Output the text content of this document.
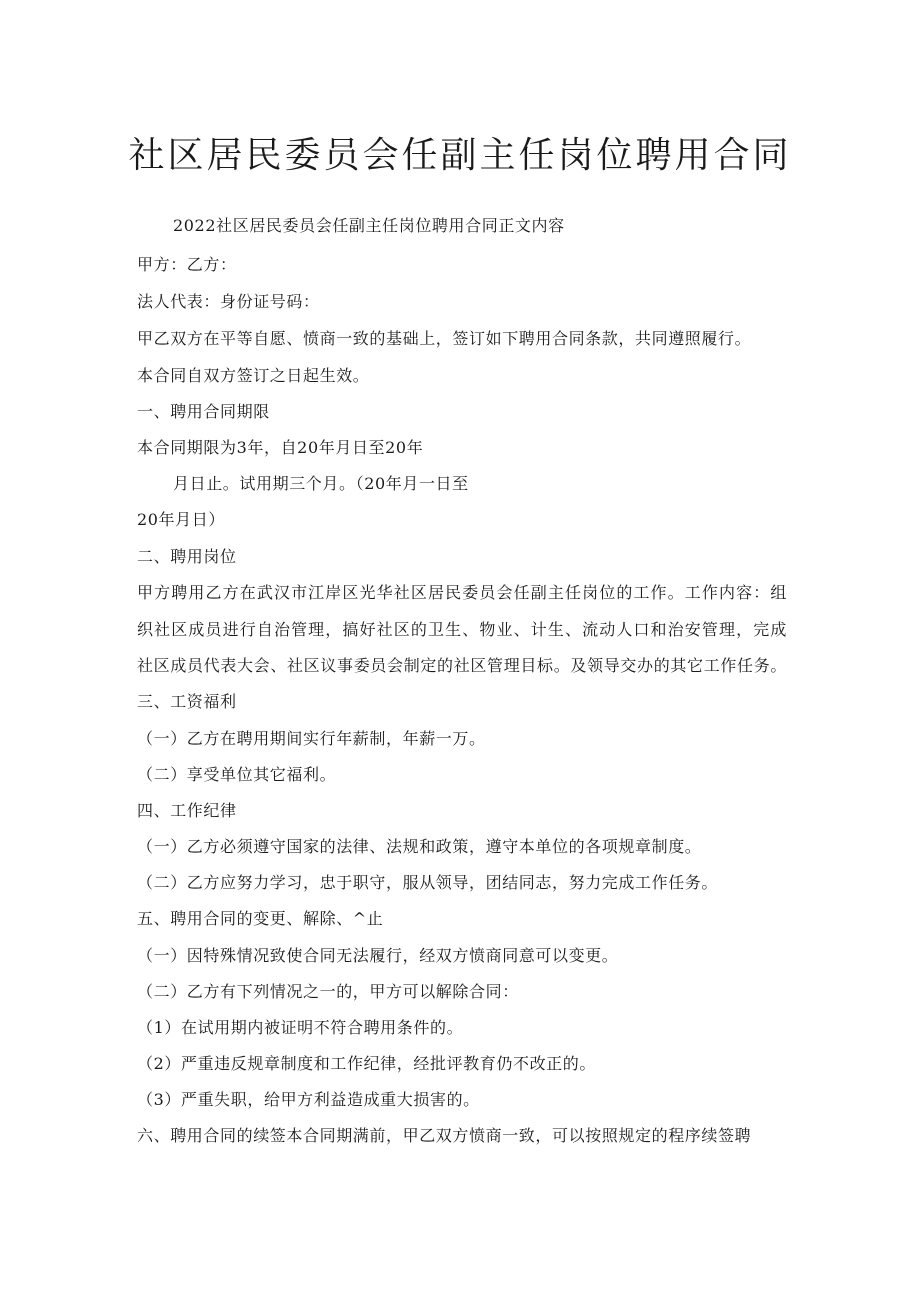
社区居民委员会任副主任岗位聘用合同
2022社区居民委员会任副主任岗位聘用合同正文内容
甲方：乙方：
法人代表：身份证号码：
甲乙双方在平等自愿、愤商一致的基础上，签订如下聘用合同条款，共同遵照履行。
本合同自双方签订之日起生效。
一、聘用合同期限
本合同期限为3年，自20年月日至20年
月日止。试用期三个月。（20年月一日至
20年月日）
二、聘用岗位
甲方聘用乙方在武汉市江岸区光华社区居民委员会任副主任岗位的工作。工作内容：组
织社区成员进行自治管理，搞好社区的卫生、物业、计生、流动人口和治安管理，完成
社区成员代表大会、社区议事委员会制定的社区管理目标。及领导交办的其它工作任务。
三、工资福利
（一）乙方在聘用期间实行年薪制，年薪一万。
（二）享受单位其它福利。
四、工作纪律
（一）乙方必须遵守国家的法律、法规和政策，遵守本单位的各项规章制度。
（二）乙方应努力学习，忠于职守，服从领导，团结同志，努力完成工作任务。
五、聘用合同的变更、解除、^止
（一）因特殊情况致使合同无法履行，经双方愤商同意可以变更。
（二）乙方有下列情况之一的，甲方可以解除合同：
（1）在试用期内被证明不符合聘用条件的。
（2）严重违反规章制度和工作纪律，经批评教育仍不改正的。
（3）严重失职，给甲方利益造成重大损害的。
六、聘用合同的续签本合同期满前，甲乙双方愤商一致，可以按照规定的程序续签聘
